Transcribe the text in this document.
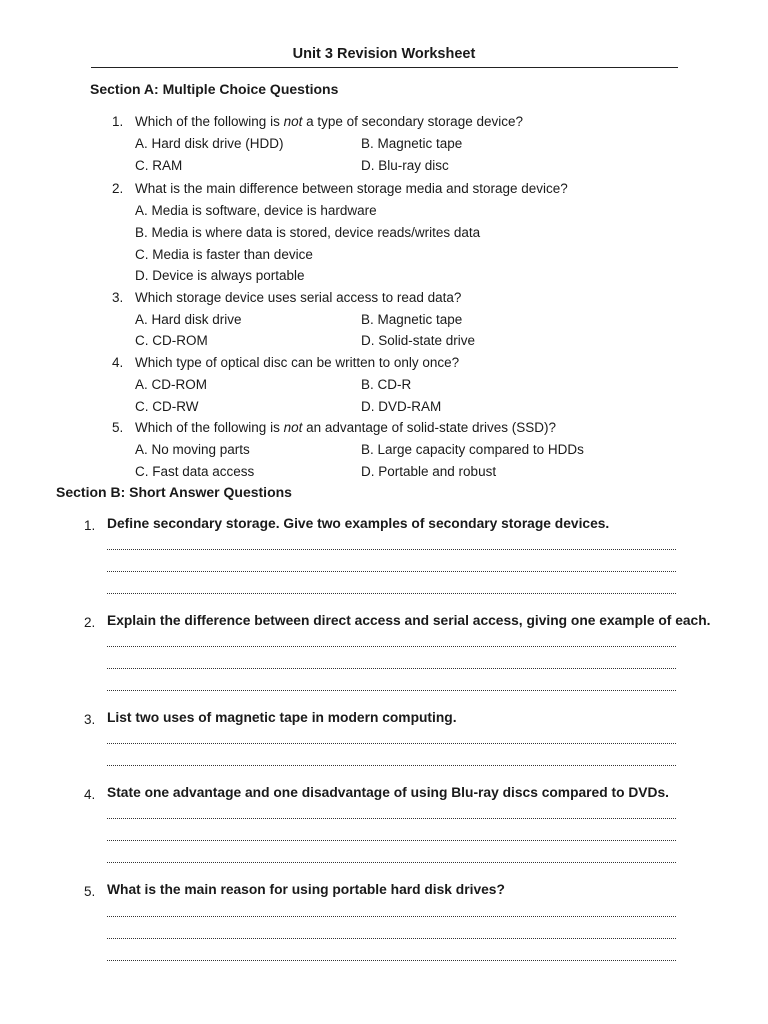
Unit 3 Revision Worksheet
Section A: Multiple Choice Questions
1. Which of the following is not a type of secondary storage device?
A. Hard disk drive (HDD)	B. Magnetic tape
C. RAM	D. Blu-ray disc
2. What is the main difference between storage media and storage device?
A. Media is software, device is hardware
B. Media is where data is stored, device reads/writes data
C. Media is faster than device
D. Device is always portable
3. Which storage device uses serial access to read data?
A. Hard disk drive	B. Magnetic tape
C. CD-ROM	D. Solid-state drive
4. Which type of optical disc can be written to only once?
A. CD-ROM	B. CD-R
C. CD-RW	D. DVD-RAM
5. Which of the following is not an advantage of solid-state drives (SSD)?
A. No moving parts	B. Large capacity compared to HDDs
C. Fast data access	D. Portable and robust
Section B: Short Answer Questions
1. Define secondary storage. Give two examples of secondary storage devices.
2. Explain the difference between direct access and serial access, giving one example of each.
3. List two uses of magnetic tape in modern computing.
4. State one advantage and one disadvantage of using Blu-ray discs compared to DVDs.
5. What is the main reason for using portable hard disk drives?
